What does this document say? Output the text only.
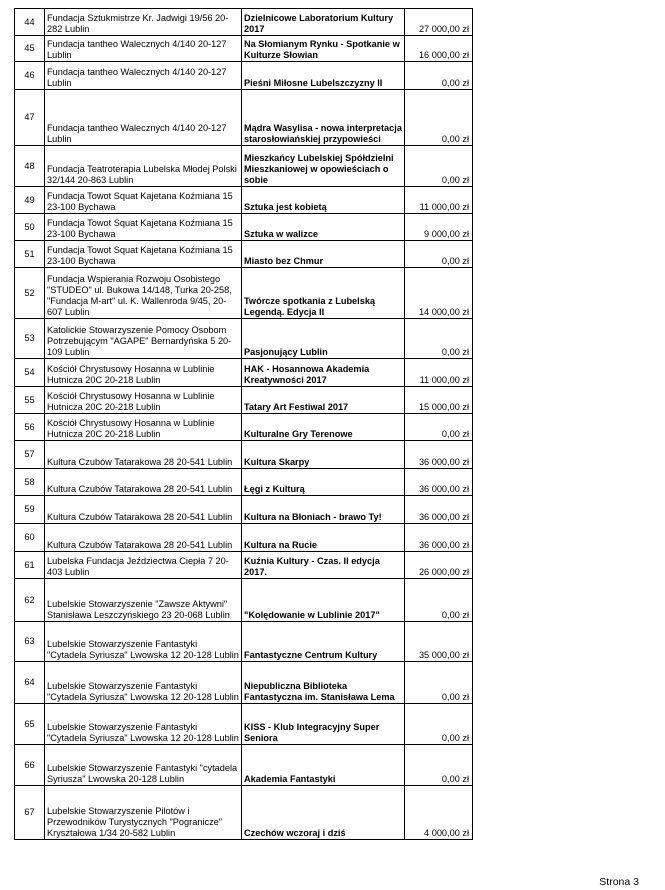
44	Fundacja Sztukmistrze Kr. Jadwigi 19/56 20-282 Lublin	Dzielnicowe Laboratorium Kultury 2017	27 000,00 zł
45	Fundacja tantheo Walecznych 4/140 20-127 Lublin	Na Słomianym Rynku - Spotkanie w Kulturze Słowian	16 000,00 zł
46	Fundacja tantheo Walecznych 4/140 20-127 Lublin	Pieśni Miłosne Lubelszczyzny II	0,00 zł
47	Fundacja tantheo Walecznych 4/140 20-127 Lublin	Mądra Wasylisa - nowa interpretacja starosłowiańskiej przypowieści	0,00 zł
48	Fundacja Teatroterapia Lubelska Młodej Polski 32/144 20-863 Lublin	Mieszkańcy Lubelskiej Spółdzielni Mieszkaniowej w opowieściach o sobie	0,00 zł
49	Fundacja Towot Squat Kajetana Koźmiana 15 23-100 Bychawa	Sztuka jest kobietą	11 000,00 zł
50	Fundacja Towot Squat Kajetana Koźmiana 15 23-100 Bychawa	Sztuka w walizce	9 000,00 zł
51	Fundacja Towot Squat Kajetana Koźmiana 15 23-100 Bychawa	Miasto bez Chmur	0,00 zł
52	Fundacja Wspierania Rozwoju Osobistego "STUDEO" ul. Bukowa 14/148, Turka 20-258, "Fundacja M-art" ul. K. Wallenroda 9/45, 20-607 Lublin	Twórcze spotkania z Lubelską Legendą. Edycja II	14 000,00 zł
53	Katolickie Stowarzyszenie Pomocy Osobom Potrzebującym "AGAPE" Bernardyńska 5 20-109 Lublin	Pasjonujący Lublin	0,00 zł
54	Kościół Chrystusowy Hosanna w Lublinie Hutnicza 20C 20-218 Lublin	HAK - Hosannowa Akademia Kreatywności 2017	11 000,00 zł
55	Kościół Chrystusowy Hosanna w Lublinie Hutnicza 20C 20-218 Lublin	Tatary Art Festiwal 2017	15 000,00 zł
56	Kościół Chrystusowy Hosanna w Lublinie Hutnicza 20C 20-218 Lublin	Kulturalne Gry Terenowe	0,00 zł
57	Kultura Czubów Tatarakowa 28 20-541 Lublin	Kultura Skarpy	36 000,00 zł
58	Kultura Czubów Tatarakowa 28 20-541 Lublin	Łęgi z Kulturą	36 000,00 zł
59	Kultura Czubów Tatarakowa 28 20-541 Lublin	Kultura na Błoniach - brawo Ty!	36 000,00 zł
60	Kultura Czubów Tatarakowa 28 20-541 Lublin	Kultura na Rucie	36 000,00 zł
61	Lubelska Fundacja Jeździectwa Ciepła 7 20-403 Lublin	Kuźnia Kultury - Czas. II edycja 2017.	26 000,00 zł
62	Lubelskie Stowarzyszenie "Zawsze Aktywni" Stanisława Leszczyńskiego 23 20-068 Lublin	"Kolędowanie w Lublinie 2017"	0,00 zł
63	Lubelskie Stowarzyszenie Fantastyki "Cytadela Syriusza" Lwowska 12 20-128 Lublin	Fantastyczne Centrum Kultury	35 000,00 zł
64	Lubelskie Stowarzyszenie Fantastyki "Cytadela Syriusza" Lwowska 12 20-128 Lublin	Niepubliczna Biblioteka Fantastyczna im. Stanisława Lema	0,00 zł
65	Lubelskie Stowarzyszenie Fantastyki "Cytadela Syriusza" Lwowska 12 20-128 Lublin	KISS - Klub Integracyjny Super Seniora	0,00 zł
66	Lubelskie Stowarzyszenie Fantastyki "cytadela Syriusza" Lwowska 20-128 Lublin	Akademia Fantastyki	0,00 zł
67	Lubelskie Stowarzyszenie Pilotów i Przewodników Turystycznych "Pogranicze" Kryształowa 1/34 20-582 Lublin	Czechów wczoraj i dziś	4 000,00 zł
Strona 3
